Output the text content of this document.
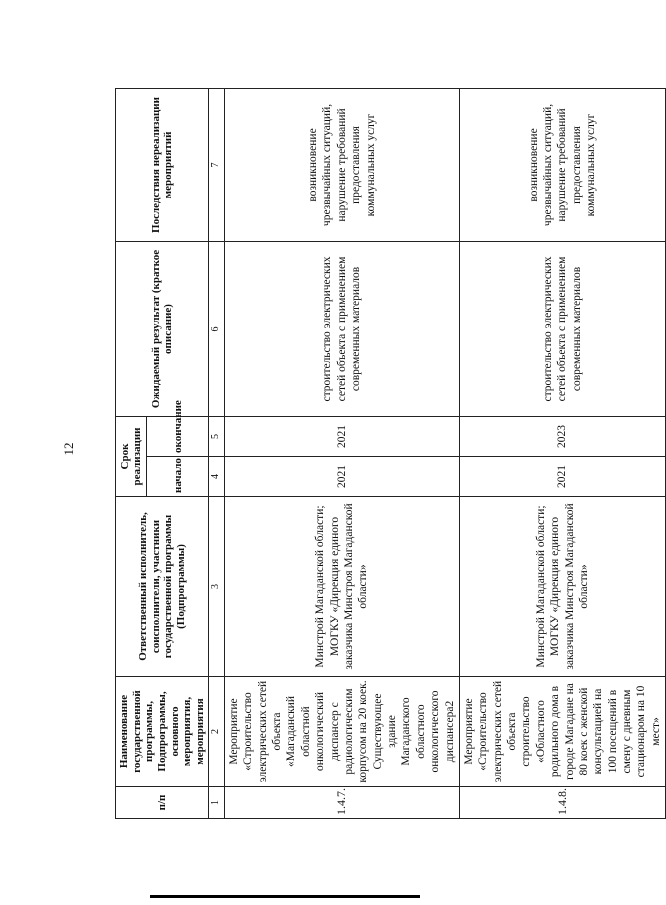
12
п/п	Наименование государственной программы, Подпрограммы, основного мероприятия, мероприятия	Ответственный исполнитель, соисполнители, участники государственной программы (Подпрограммы)	Срок реализации		Ожидаемый результат (краткое описание)	Последствия нереализации мероприятий
			начало	окончание		
1	2	3	4	5	6	7
1.4.7.	Мероприятие «Строительство электрических сетей объекта «Магаданский областной онкологический диспансер с радиологическим корпусом на 20 коек. Существующее здание Магаданского областного онкологического диспансера2	Минстрой Магаданской области; МОГКУ «Дирекция единого заказчика Минстроя Магаданской области»	2021	2021	строительство электрических сетей объекта с применением современных материалов	возникновение чрезвычайных ситуаций, нарушение требований предоставления коммунальных услуг
1.4.8.	Мероприятие «Строительство электрических сетей объекта строительство «Областного родильного дома в городе Магадане на 80 коек с женской консультацией на 100 посещений в смену с дневным стационаром на 10 мест»	Минстрой Магаданской области; МОГКУ «Дирекция единого заказчика Минстроя Магаданской области»	2021	2023	строительство электрических сетей объекта с применением современных материалов	возникновение чрезвычайных ситуаций, нарушение требований предоставления коммунальных услуг
